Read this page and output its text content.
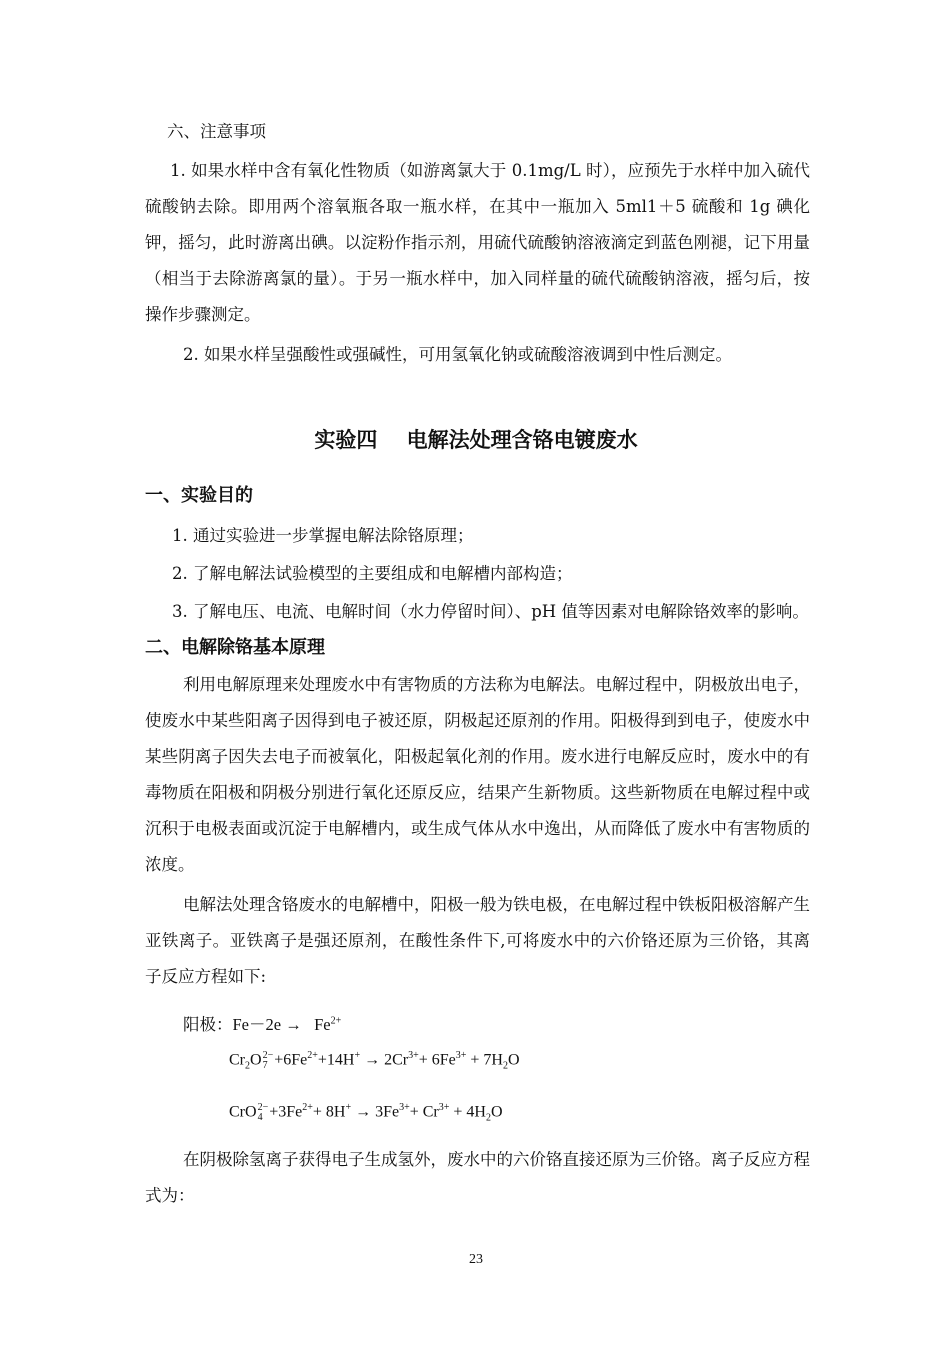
六、注意事项

1. 如果水样中含有氧化性物质（如游离氯大于 0.1mg/L 时），应预先于水样中加入硫代硫酸钠去除。即用两个溶氧瓶各取一瓶水样，在其中一瓶加入 5ml1＋5 硫酸和 1g 碘化钾，摇匀，此时游离出碘。以淀粉作指示剂，用硫代硫酸钠溶液滴定到蓝色刚褪，记下用量（相当于去除游离氯的量）。于另一瓶水样中，加入同样量的硫代硫酸钠溶液，摇匀后，按操作步骤测定。

2. 如果水样呈强酸性或强碱性，可用氢氧化钠或硫酸溶液调到中性后测定。

实验四    电解法处理含铬电镀废水
一、实验目的
1. 通过实验进一步掌握电解法除铬原理；
2. 了解电解法试验模型的主要组成和电解槽内部构造；
3. 了解电压、电流、电解时间（水力停留时间）、pH 值等因素对电解除铬效率的影响。
二、电解除铬基本原理

利用电解原理来处理废水中有害物质的方法称为电解法。电解过程中，阴极放出电子，使废水中某些阳离子因得到电子被还原，阴极起还原剂的作用。阳极得到到电子，使废水中某些阴离子因失去电子而被氧化，阳极起氧化剂的作用。废水进行电解反应时，废水中的有毒物质在阳极和阴极分别进行氧化还原反应，结果产生新物质。这些新物质在电解过程中或沉积于电极表面或沉淀于电解槽内，或生成气体从水中逸出，从而降低了废水中有害物质的浓度。

电解法处理含铬废水的电解槽中，阳极一般为铁电极，在电解过程中铁板阳极溶解产生亚铁离子。亚铁离子是强还原剂，在酸性条件下,可将废水中的六价铬还原为三价铬，其离子反应方程如下:

阳极：$Fe-2e \to Fe^{2+}$
$Cr_2O2-$
$7 +6Fe^{2+}+14H^+ \to 2Cr^{3+}+ 6Fe^{3+} + 7H_2O$
CrO2−
$4 +3Fe^{2+}+ 8H^+ \to 3Fe^{3+}+ Cr^{3+} + 4H_2O$

在阴极除氢离子获得电子生成氢外，废水中的六价铬直接还原为三价铬。离子反应方程式为：

23
